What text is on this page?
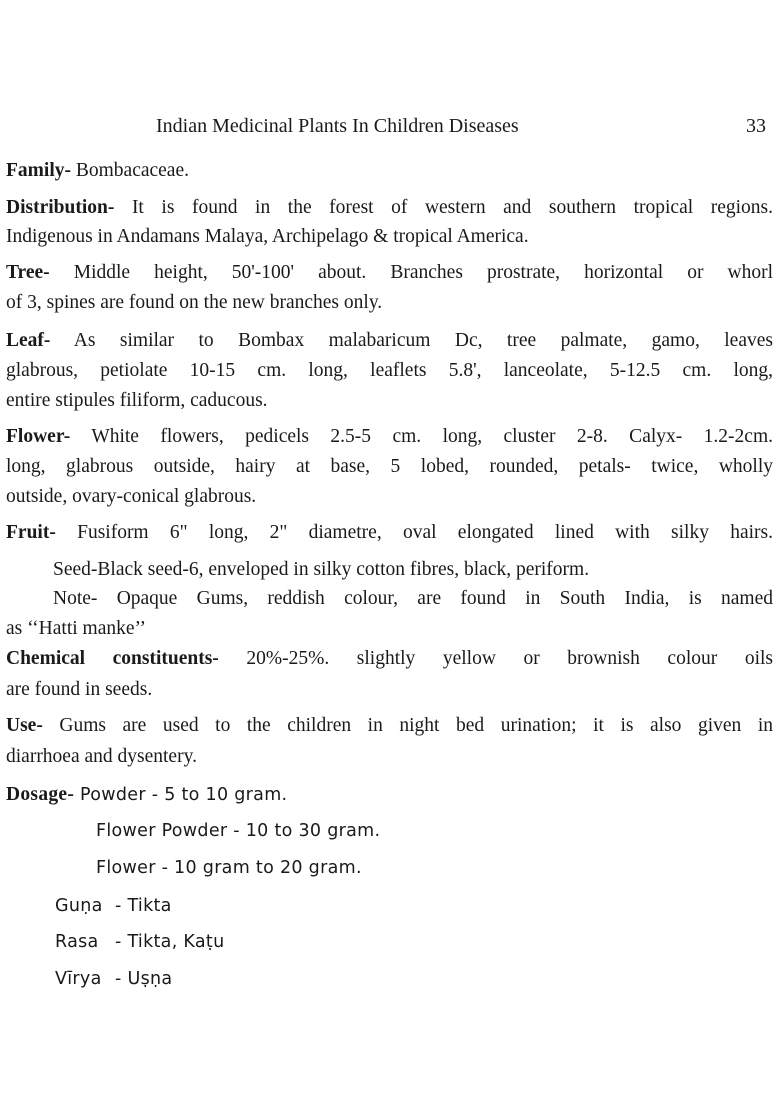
Indian Medicinal Plants In Children Diseases	33
Family- Bombacaceae.
Distribution- It is found in the forest of western and southern tropical regions.
Indigenous in Andamans Malaya, Archipelago & tropical America.
Tree- Middle height, 50'-100' about. Branches prostrate, horizontal or whorl
of 3, spines are found on the new branches only.
Leaf- As similar to Bombax malabaricum Dc, tree palmate, gamo, leaves
glabrous, petiolate 10-15 cm. long, leaflets 5.8', lanceolate, 5-12.5 cm. long,
entire stipules filiform, caducous.
Flower- White flowers, pedicels 2.5-5 cm. long, cluster 2-8. Calyx- 1.2-2cm.
long, glabrous outside, hairy at base, 5 lobed, rounded, petals- twice, wholly
outside, ovary-conical glabrous.
Fruit- Fusiform 6" long, 2" diametre, oval elongated lined with silky hairs.
Seed-Black seed-6, enveloped in silky cotton fibres, black, periform.
Note- Opaque Gums, reddish colour, are found in South India, is named
as ‘‘Hatti manke’’
Chemical constituents- 20%-25%. slightly yellow or brownish colour oils
are found in seeds.
Use- Gums are used to the children in night bed urination; it is also given in
diarrhoea and dysentery.
Dosage- Powder - 5 to 10 gram.
Flower Powder - 10 to 30 gram.
Flower - 10 gram to 20 gram.
Guṇa - Tikta
Rasa - Tikta, Kaṭu
Vīrya - Uṣṇa
